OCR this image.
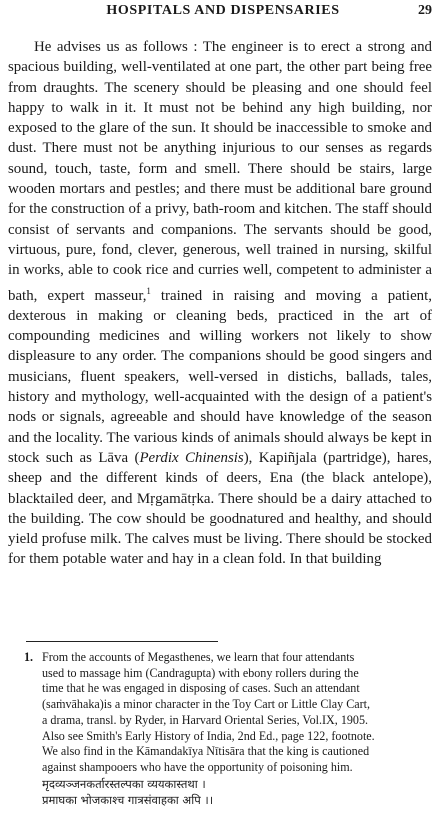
HOSPITALS AND DISPENSARIES	29

He advises us as follows : The engineer is to erect a strong and spacious building, well-ventilated at one part, the other part being free from draughts. The scenery should be pleasing and one should feel happy to walk in it. It must not be behind any high building, nor exposed to the glare of the sun. It should be inaccessible to smoke and dust. There must not be anything injurious to our senses as regards sound, touch, taste, form and smell. There should be stairs, large wooden mortars and pestles; and there must be additional bare ground for the construction of a privy, bath-room and kitchen. The staff should consist of servants and companions. The servants should be good, virtuous, pure, fond, clever, generous, well trained in nursing, skilful in works, able to cook rice and curries well, competent to administer a bath, expert masseur,$^1$ trained in raising and moving a patient, dexterous in making or cleaning beds, practiced in the art of compounding medicines and willing workers not likely to show displeasure to any order. The companions should be good singers and musicians, fluent speakers, well-versed in distichs, ballads, tales, history and mythology, well-acquainted with the design of a patient's nods or signals, agreeable and should have knowledge of the season and the locality. The various kinds of animals should always be kept in stock such as Lāva (Perdix Chinensis), Kapiñjala (partridge), hares, sheep and the different kinds of deers, Ena (the black antelope), blacktailed deer, and Mṛgamātṛka. There should be a dairy attached to the building. The cow should be goodnatured and healthy, and should yield profuse milk. The calves must be living. There should be stocked for them potable water and hay in a clean fold. In that building

1. From the accounts of Megasthenes, we learn that four attendants
used to massage him (Candragupta) with ebony rollers during the
time that he was engaged in disposing of cases. Such an attendant
(saṁvāhaka)is a minor character in the Toy Cart or Little Clay Cart,
a drama, transl. by Ryder, in Harvard Oriental Series, Vol.IX, 1905.
Also see Smith's Early History of India, 2nd Ed., page 122, footnote.
We also find in the Kāmandakīya Nītisāra that the king is cautioned
against shampooers who have the opportunity of poisoning him.
मृदव्यञ्जनकर्तारस्तल्पका व्ययकास्तथा ।
प्रमाघका भोजकाश्च गात्रसंवाहका अपि ।।
